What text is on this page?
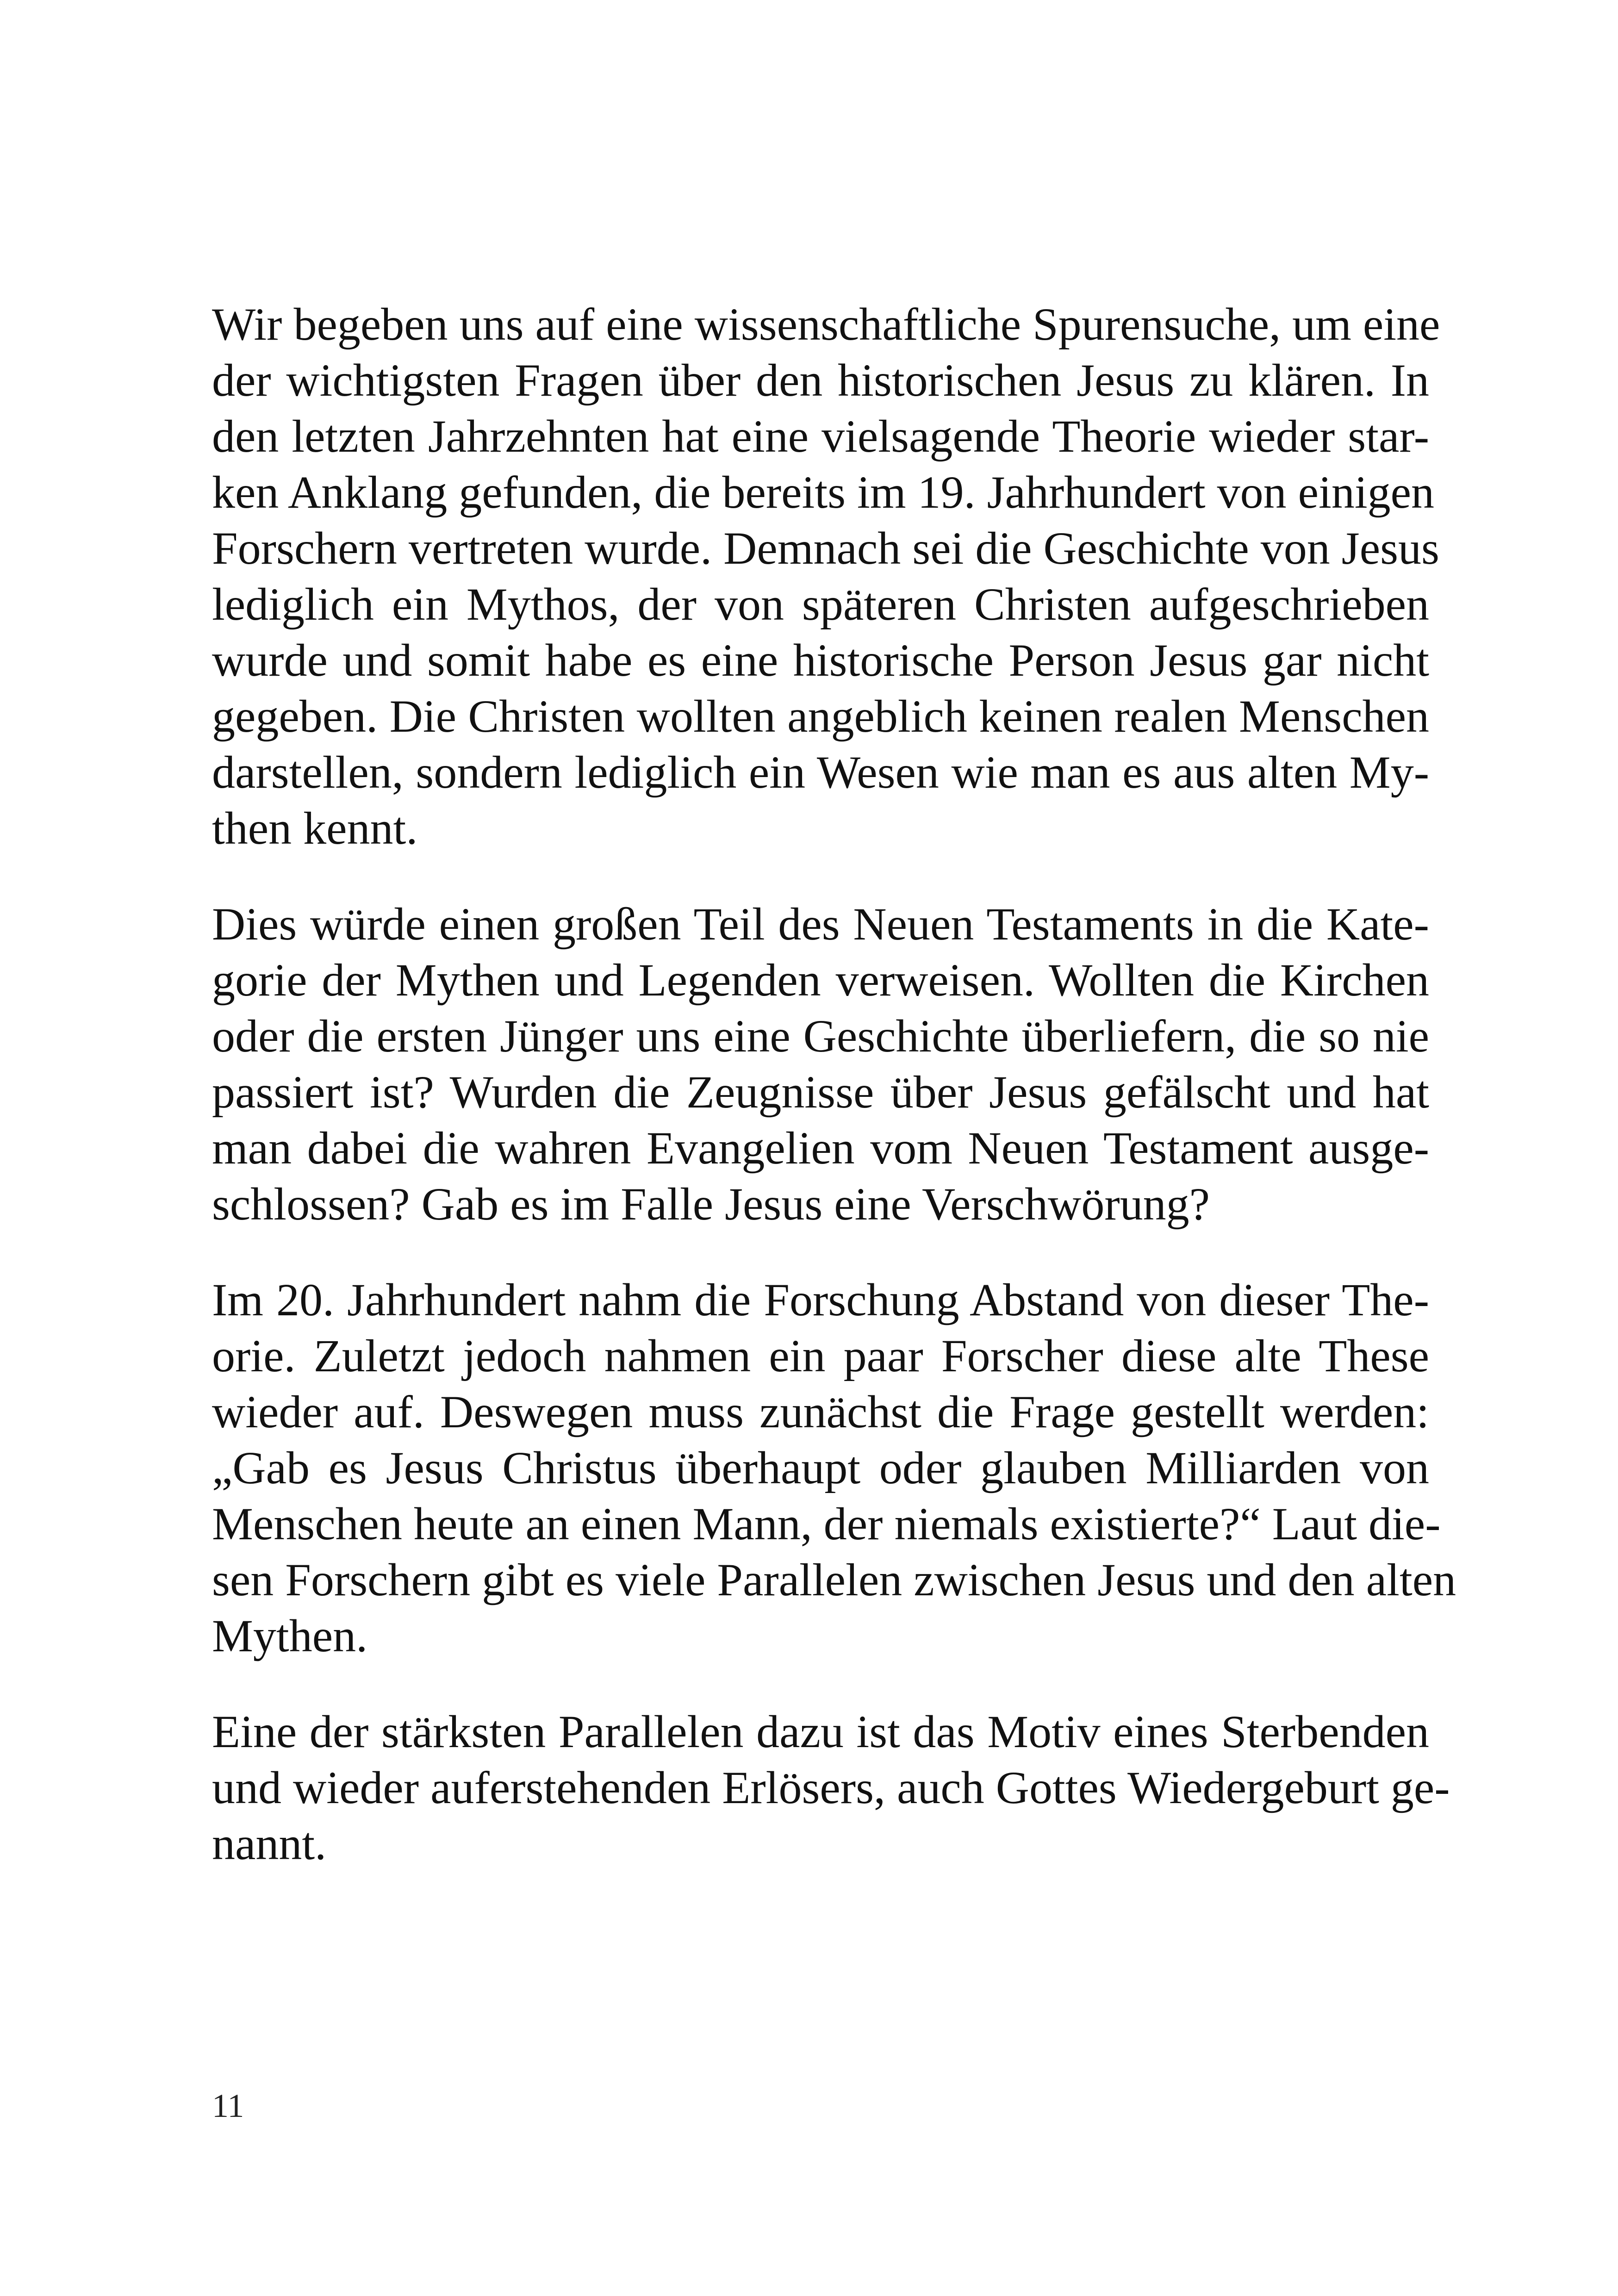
Wir begeben uns auf eine wissenschaftliche Spurensuche, um eine
der wichtigsten Fragen über den historischen Jesus zu klären. In
den letzten Jahrzehnten hat eine vielsagende Theorie wieder star-
ken Anklang gefunden, die bereits im 19. Jahrhundert von einigen
Forschern vertreten wurde. Demnach sei die Geschichte von Jesus
lediglich ein Mythos, der von späteren Christen aufgeschrieben
wurde und somit habe es eine historische Person Jesus gar nicht
gegeben. Die Christen wollten angeblich keinen realen Menschen
darstellen, sondern lediglich ein Wesen wie man es aus alten My-
then kennt.

Dies würde einen großen Teil des Neuen Testaments in die Kate-
gorie der Mythen und Legenden verweisen. Wollten die Kirchen
oder die ersten Jünger uns eine Geschichte überliefern, die so nie
passiert ist? Wurden die Zeugnisse über Jesus gefälscht und hat
man dabei die wahren Evangelien vom Neuen Testament ausge-
schlossen? Gab es im Falle Jesus eine Verschwörung?

Im 20. Jahrhundert nahm die Forschung Abstand von dieser The-
orie. Zuletzt jedoch nahmen ein paar Forscher diese alte These
wieder auf. Deswegen muss zunächst die Frage gestellt werden:
„Gab es Jesus Christus überhaupt oder glauben Milliarden von
Menschen heute an einen Mann, der niemals existierte?“ Laut die-
sen Forschern gibt es viele Parallelen zwischen Jesus und den alten
Mythen.

Eine der stärksten Parallelen dazu ist das Motiv eines Sterbenden
und wieder auferstehenden Erlösers, auch Gottes Wiedergeburt ge-
nannt.

11
